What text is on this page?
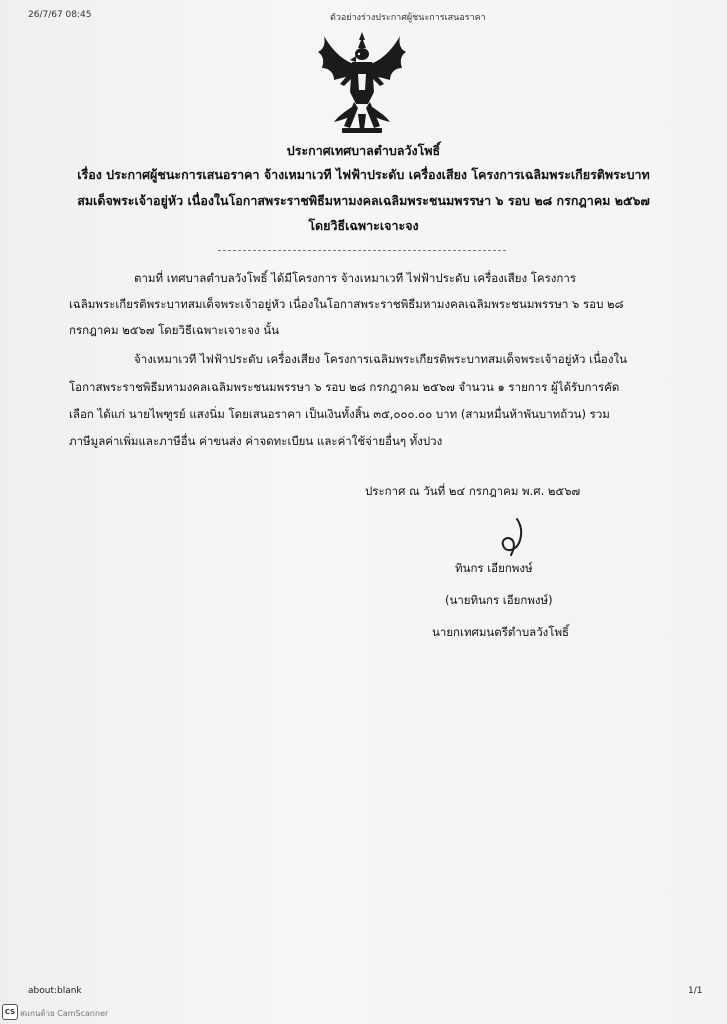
26/7/67 08:45	ตัวอย่างร่างประกาศผู้ชนะการเสนอราคา
ประกาศเทศบาลตำบลวังโพธิ์
เรื่อง ประกาศผู้ชนะการเสนอราคา จ้างเหมาเวที ไฟฟ้าประดับ เครื่องเสียง โครงการเฉลิมพระเกียรติพระบาท
สมเด็จพระเจ้าอยู่หัว เนื่องในโอกาสพระราชพิธีมหามงคลเฉลิมพระชนมพรรษา ๖ รอบ ๒๘ กรกฎาคม ๒๕๖๗
โดยวิธีเฉพาะเจาะจง
ตามที่ เทศบาลตำบลวังโพธิ์ ได้มีโครงการ จ้างเหมาเวที ไฟฟ้าประดับ เครื่องเสียง โครงการ
เฉลิมพระเกียรติพระบาทสมเด็จพระเจ้าอยู่หัว เนื่องในโอกาสพระราชพิธีมหามงคลเฉลิมพระชนมพรรษา ๖ รอบ ๒๘
กรกฎาคม ๒๕๖๗ โดยวิธีเฉพาะเจาะจง นั้น
จ้างเหมาเวที ไฟฟ้าประดับ เครื่องเสียง โครงการเฉลิมพระเกียรติพระบาทสมเด็จพระเจ้าอยู่หัว เนื่องใน
โอกาสพระราชพิธีมหามงคลเฉลิมพระชนมพรรษา ๖ รอบ ๒๘ กรกฎาคม ๒๕๖๗ จำนวน ๑ รายการ ผู้ได้รับการคัด
เลือก ได้แก่ นายไพฑูรย์ แสงนิ่ม โดยเสนอราคา เป็นเงินทั้งสิ้น ๓๕,๐๐๐.๐๐ บาท (สามหมื่นห้าพันบาทถ้วน) รวม
ภาษีมูลค่าเพิ่มและภาษีอื่น ค่าขนส่ง ค่าจดทะเบียน และค่าใช้จ่ายอื่นๆ ทั้งปวง
ประกาศ ณ วันที่ ๒๔ กรกฎาคม พ.ศ. ๒๕๖๗
ทินกร เอียกพงษ์
(นายทินกร เอียกพงษ์)
นายกเทศมนตรีตำบลวังโพธิ์
about:blank	1/1
CS สแกนด้วย CamScanner
